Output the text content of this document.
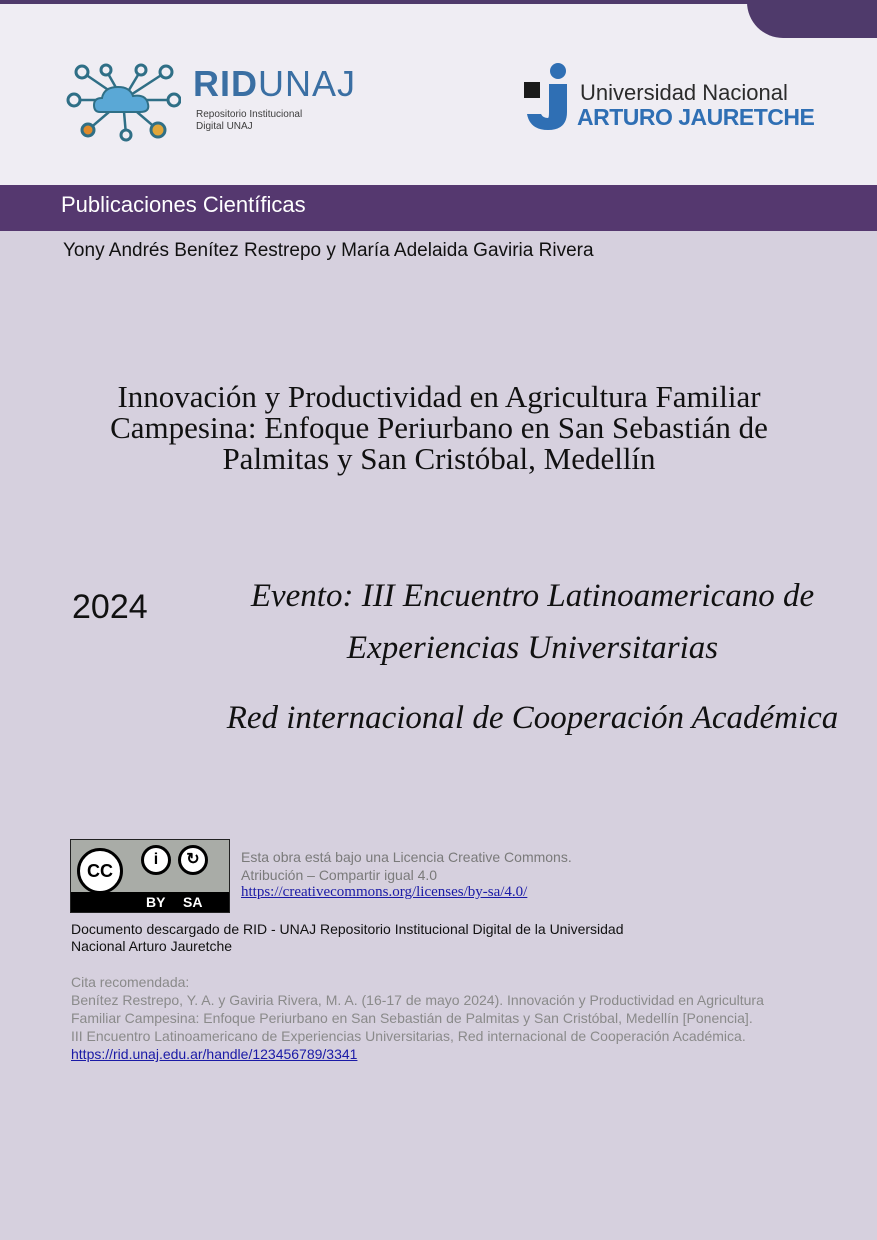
RIDUNAJ
Repositorio Institucional
Digital UNAJ
Universidad Nacional
ARTURO JAURETCHE
Publicaciones Científicas
Yony Andrés Benítez Restrepo y María Adelaida Gaviria Rivera
Innovación y Productividad en Agricultura Familiar
Campesina: Enfoque Periurbano en San Sebastián de
Palmitas y San Cristóbal, Medellín
2024	Evento: III Encuentro Latinoamericano de
Experiencias Universitarias
Red internacional de Cooperación Académica
CC
i	↻
BY SA
Esta obra está bajo una Licencia Creative Commons.
Atribución – Compartir igual 4.0
https://creativecommons.org/licenses/by-sa/4.0/
Documento descargado de RID - UNAJ Repositorio Institucional Digital de la Universidad
Nacional Arturo Jauretche
Cita recomendada:
Benítez Restrepo, Y. A. y Gaviria Rivera, M. A. (16-17 de mayo 2024). Innovación y Productividad en Agricultura
Familiar Campesina: Enfoque Periurbano en San Sebastián de Palmitas y San Cristóbal, Medellín [Ponencia].
III Encuentro Latinoamericano de Experiencias Universitarias, Red internacional de Cooperación Académica.
https://rid.unaj.edu.ar/handle/123456789/3341
